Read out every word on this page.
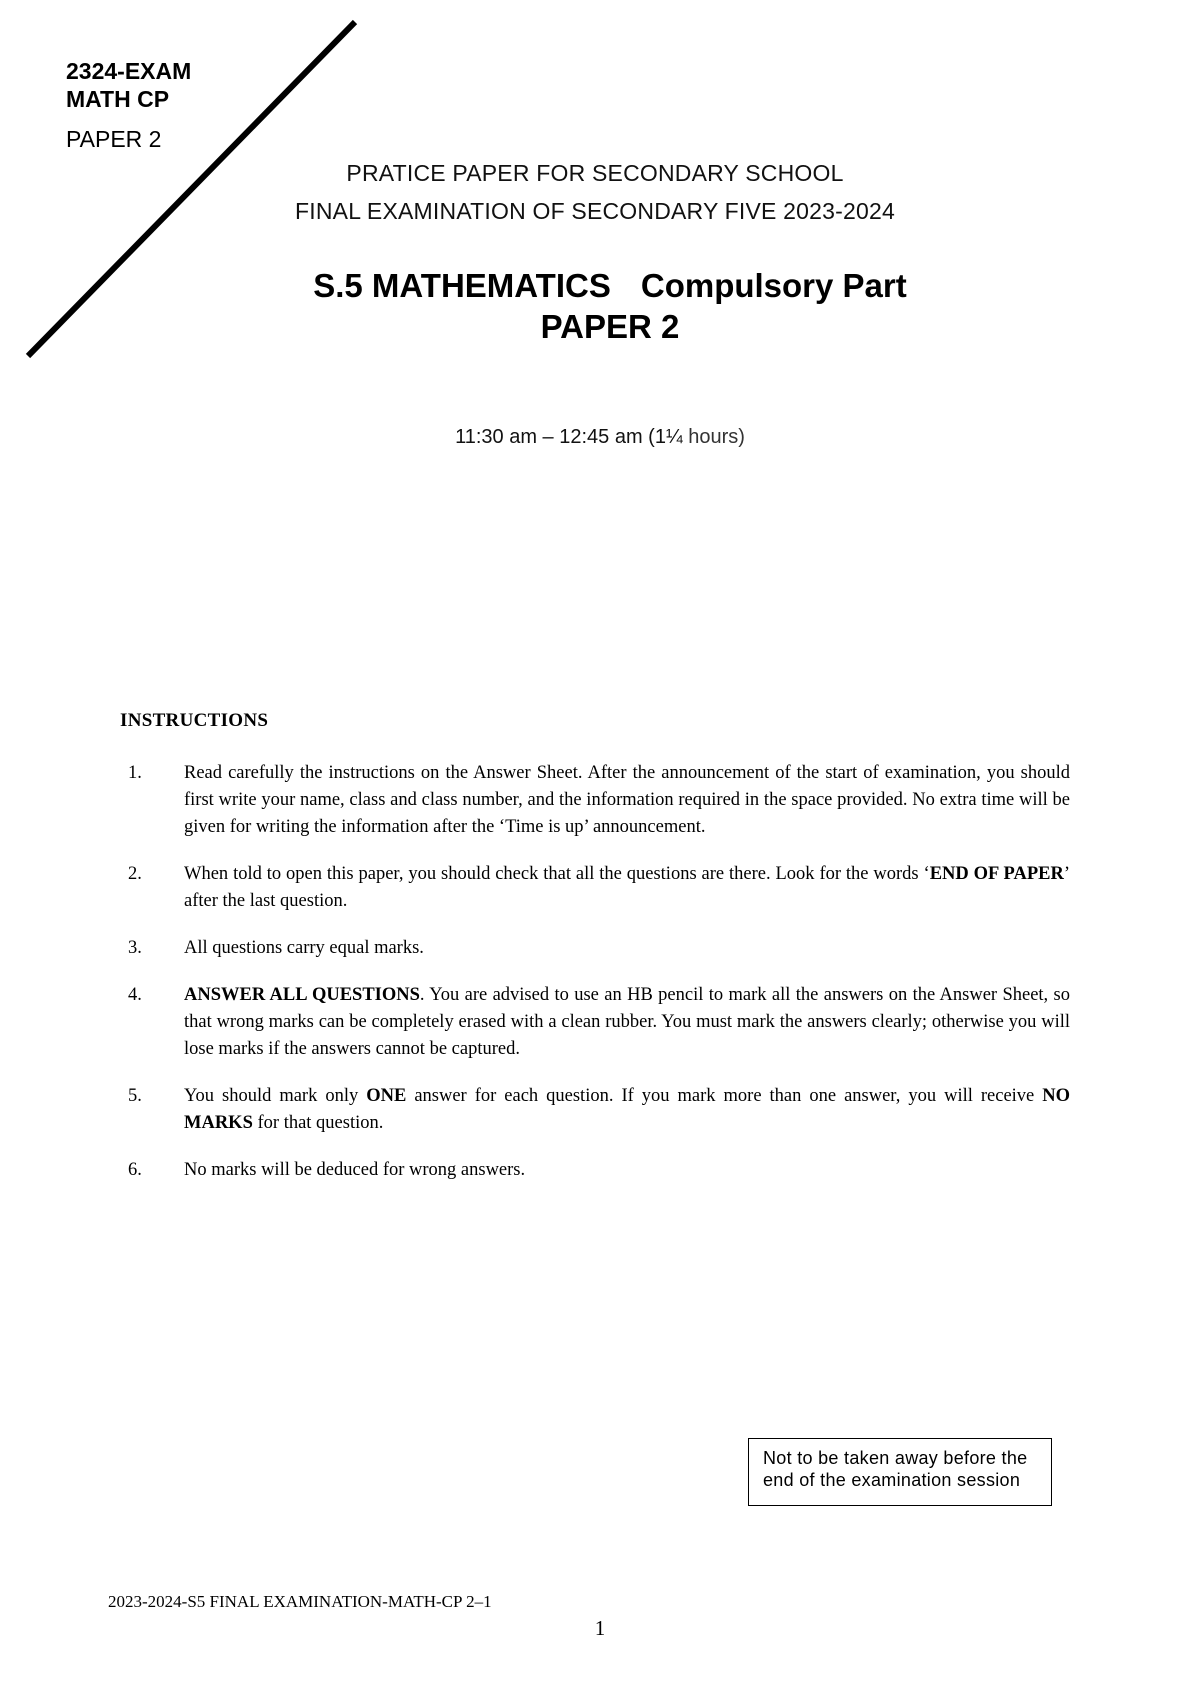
2324-EXAM
MATH CP
PAPER 2
PRATICE PAPER FOR SECONDARY SCHOOL
FINAL EXAMINATION OF SECONDARY FIVE 2023-2024
S.5 MATHEMATICS Compulsory Part
PAPER 2
11:30 am – 12:45 am (1¼ hours)
INSTRUCTIONS
1. Read carefully the instructions on the Answer Sheet. After the announcement of the start of examination, you should first write your name, class and class number, and the information required in the space provided. No extra time will be given for writing the information after the ‘Time is up’ announcement.
2. When told to open this paper, you should check that all the questions are there. Look for the words ‘END OF PAPER’ after the last question.
3. All questions carry equal marks.
4. ANSWER ALL QUESTIONS. You are advised to use an HB pencil to mark all the answers on the Answer Sheet, so that wrong marks can be completely erased with a clean rubber. You must mark the answers clearly; otherwise you will lose marks if the answers cannot be captured.
5. You should mark only ONE answer for each question. If you mark more than one answer, you will receive NO MARKS for that question.
6. No marks will be deduced for wrong answers.
Not to be taken away before the
end of the examination session
2023-2024-S5 FINAL EXAMINATION-MATH-CP 2–1
1
